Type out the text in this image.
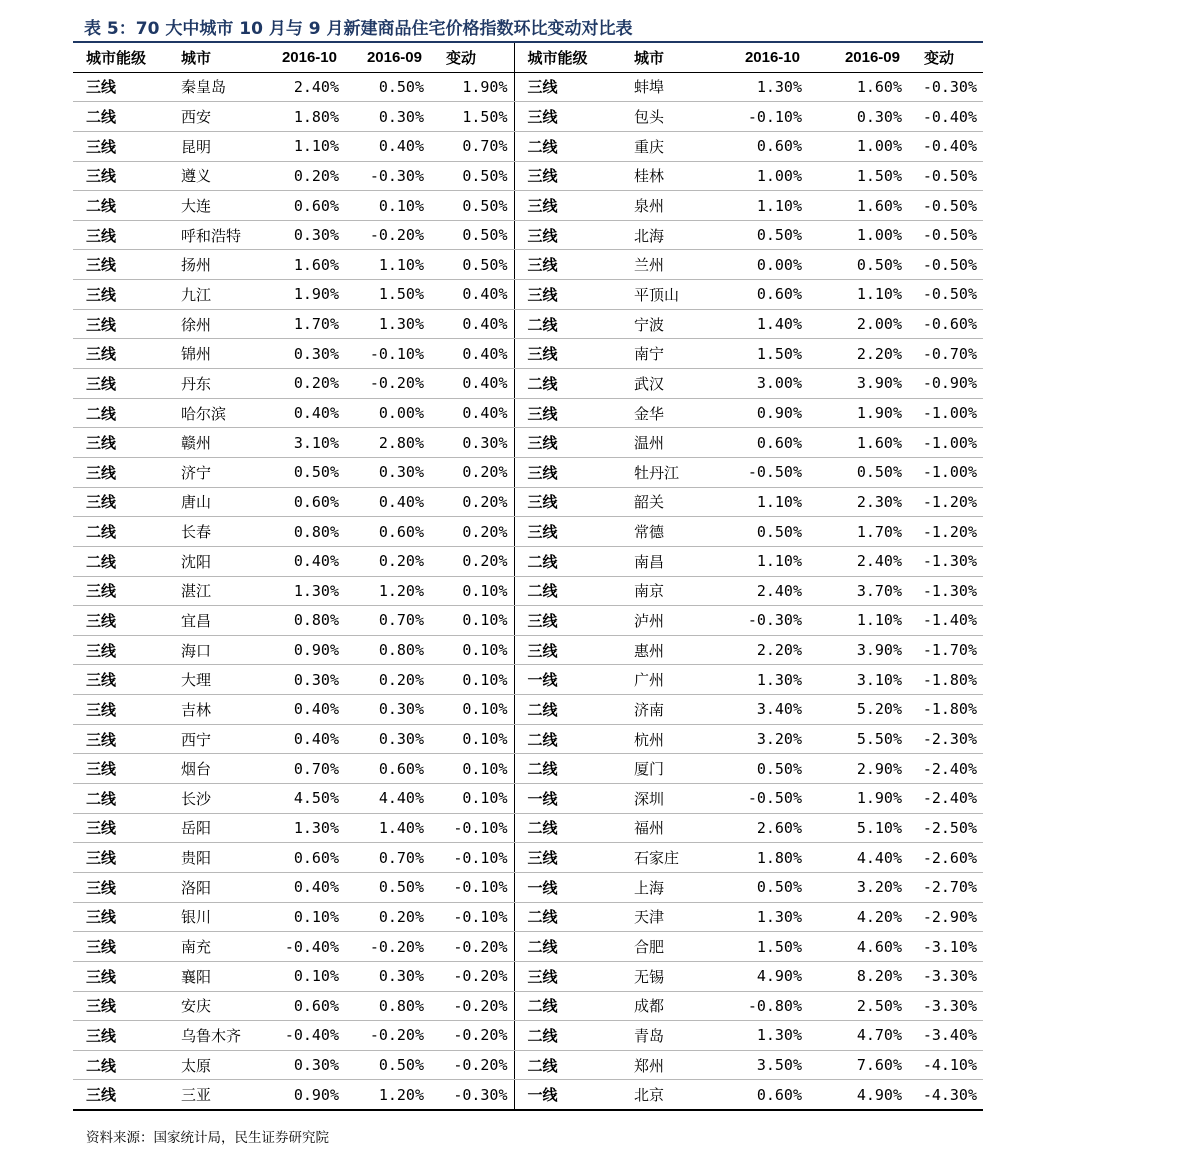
表 5：70 大中城市 10 月与 9 月新建商品住宅价格指数环比变动对比表
城市能级	城市	2016-10	2016-09	变动	城市能级	城市	2016-10	2016-09	变动
三线	秦皇岛	2.40%	0.50%	1.90%	三线	蚌埠	1.30%	1.60%	-0.30%
二线	西安	1.80%	0.30%	1.50%	三线	包头	-0.10%	0.30%	-0.40%
三线	昆明	1.10%	0.40%	0.70%	二线	重庆	0.60%	1.00%	-0.40%
三线	遵义	0.20%	-0.30%	0.50%	三线	桂林	1.00%	1.50%	-0.50%
二线	大连	0.60%	0.10%	0.50%	三线	泉州	1.10%	1.60%	-0.50%
三线	呼和浩特	0.30%	-0.20%	0.50%	三线	北海	0.50%	1.00%	-0.50%
三线	扬州	1.60%	1.10%	0.50%	三线	兰州	0.00%	0.50%	-0.50%
三线	九江	1.90%	1.50%	0.40%	三线	平顶山	0.60%	1.10%	-0.50%
三线	徐州	1.70%	1.30%	0.40%	二线	宁波	1.40%	2.00%	-0.60%
三线	锦州	0.30%	-0.10%	0.40%	三线	南宁	1.50%	2.20%	-0.70%
三线	丹东	0.20%	-0.20%	0.40%	二线	武汉	3.00%	3.90%	-0.90%
二线	哈尔滨	0.40%	0.00%	0.40%	三线	金华	0.90%	1.90%	-1.00%
三线	赣州	3.10%	2.80%	0.30%	三线	温州	0.60%	1.60%	-1.00%
三线	济宁	0.50%	0.30%	0.20%	三线	牡丹江	-0.50%	0.50%	-1.00%
三线	唐山	0.60%	0.40%	0.20%	三线	韶关	1.10%	2.30%	-1.20%
二线	长春	0.80%	0.60%	0.20%	三线	常德	0.50%	1.70%	-1.20%
二线	沈阳	0.40%	0.20%	0.20%	二线	南昌	1.10%	2.40%	-1.30%
三线	湛江	1.30%	1.20%	0.10%	二线	南京	2.40%	3.70%	-1.30%
三线	宜昌	0.80%	0.70%	0.10%	三线	泸州	-0.30%	1.10%	-1.40%
三线	海口	0.90%	0.80%	0.10%	三线	惠州	2.20%	3.90%	-1.70%
三线	大理	0.30%	0.20%	0.10%	一线	广州	1.30%	3.10%	-1.80%
三线	吉林	0.40%	0.30%	0.10%	二线	济南	3.40%	5.20%	-1.80%
三线	西宁	0.40%	0.30%	0.10%	二线	杭州	3.20%	5.50%	-2.30%
三线	烟台	0.70%	0.60%	0.10%	二线	厦门	0.50%	2.90%	-2.40%
二线	长沙	4.50%	4.40%	0.10%	一线	深圳	-0.50%	1.90%	-2.40%
三线	岳阳	1.30%	1.40%	-0.10%	二线	福州	2.60%	5.10%	-2.50%
三线	贵阳	0.60%	0.70%	-0.10%	三线	石家庄	1.80%	4.40%	-2.60%
三线	洛阳	0.40%	0.50%	-0.10%	一线	上海	0.50%	3.20%	-2.70%
三线	银川	0.10%	0.20%	-0.10%	二线	天津	1.30%	4.20%	-2.90%
三线	南充	-0.40%	-0.20%	-0.20%	二线	合肥	1.50%	4.60%	-3.10%
三线	襄阳	0.10%	0.30%	-0.20%	三线	无锡	4.90%	8.20%	-3.30%
三线	安庆	0.60%	0.80%	-0.20%	二线	成都	-0.80%	2.50%	-3.30%
三线	乌鲁木齐	-0.40%	-0.20%	-0.20%	二线	青岛	1.30%	4.70%	-3.40%
二线	太原	0.30%	0.50%	-0.20%	二线	郑州	3.50%	7.60%	-4.10%
三线	三亚	0.90%	1.20%	-0.30%	一线	北京	0.60%	4.90%	-4.30%
资料来源：国家统计局，民生证券研究院
